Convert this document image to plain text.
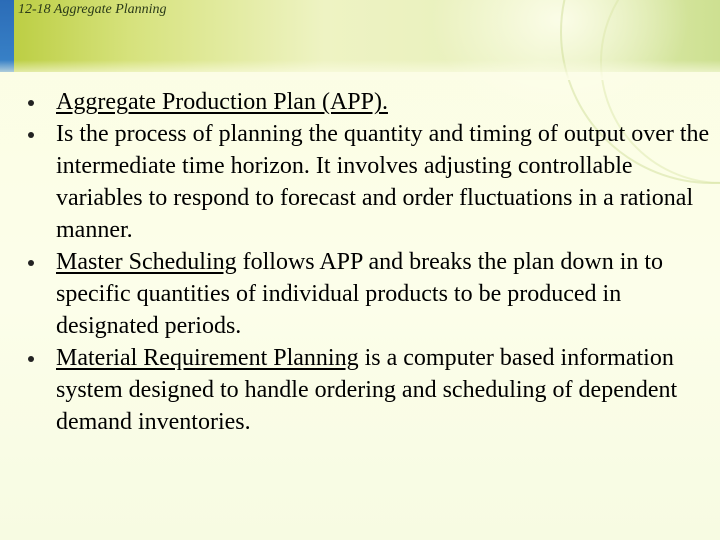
12-18 Aggregate Planning
Aggregate Production Plan (APP).
Is the process of planning the quantity and timing of output over the intermediate time horizon. It involves adjusting controllable variables to respond to forecast and order fluctuations in a rational manner.
Master Scheduling follows APP and breaks the plan down in to specific quantities of individual products to be produced in designated periods.
Material Requirement Planning is a computer based information system designed to handle ordering and scheduling of dependent demand inventories.
